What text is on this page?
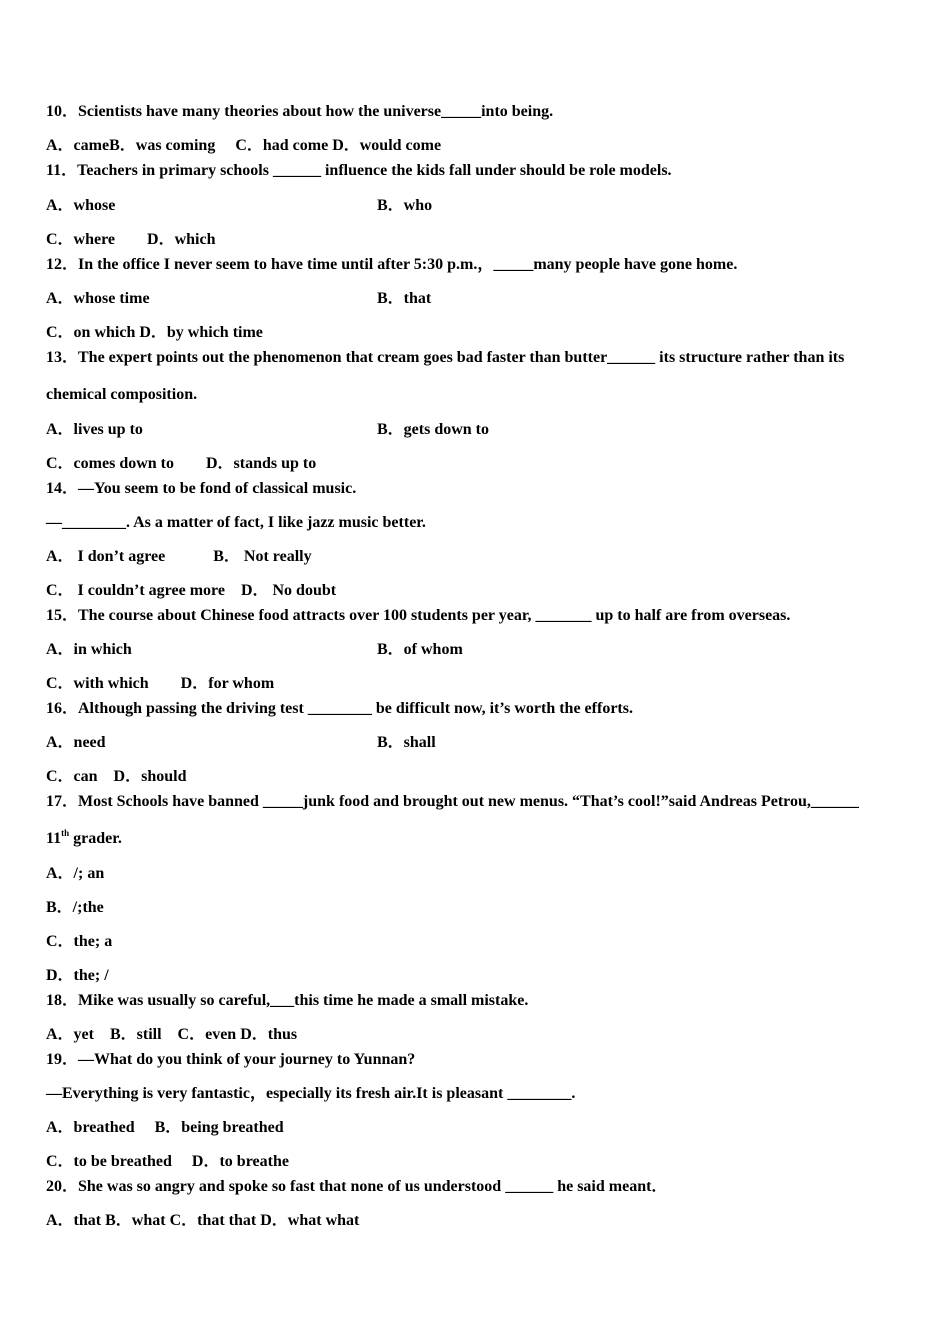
10．Scientists have many theories about how the universe_____into being.
A．cameB．was coming　 C．had come D．would come
11．Teachers in primary schools ______ influence the kids fall under should be role models.
A．whose	B．who
C．where　　D．which
12．In the office I never seem to have time until after 5:30 p.m.，_____many people have gone home.
A．whose time	B．that
C．on which D．by which time
13．The expert points out the phenomenon that cream goes bad faster than butter______ its structure rather than its
chemical composition.
A．lives up to	B．gets down to
C．comes down to　　D．stands up to
14．—You seem to be fond of classical music.
—________. As a matter of fact, I like jazz music better.
A． I don’t agree　　　B． Not really
C． I couldn’t agree more　D． No doubt
15．The course about Chinese food attracts over 100 students per year, _______ up to half are from overseas.
A．in which	B．of whom
C．with which　　D．for whom
16．Although passing the driving test ________ be difficult now, it’s worth the efforts.
A．need	B．shall
C．can　D．should
17．Most Schools have banned _____junk food and brought out new menus. “That’s cool!”said Andreas Petrou,______
11th grader.
A．/; an
B．/;the
C．the; a
D．the; /
18．Mike was usually so careful,___this time he made a small mistake.
A．yet　B．still　C．even D．thus
19．—What do you think of your journey to Yunnan?
—Everything is very fantastic，especially its fresh air.It is pleasant ________.
A．breathed　 B．being breathed
C．to be breathed　 D．to breathe
20．She was so angry and spoke so fast that none of us understood ______ he said meant．
A．that B．what C．that that D．what what
